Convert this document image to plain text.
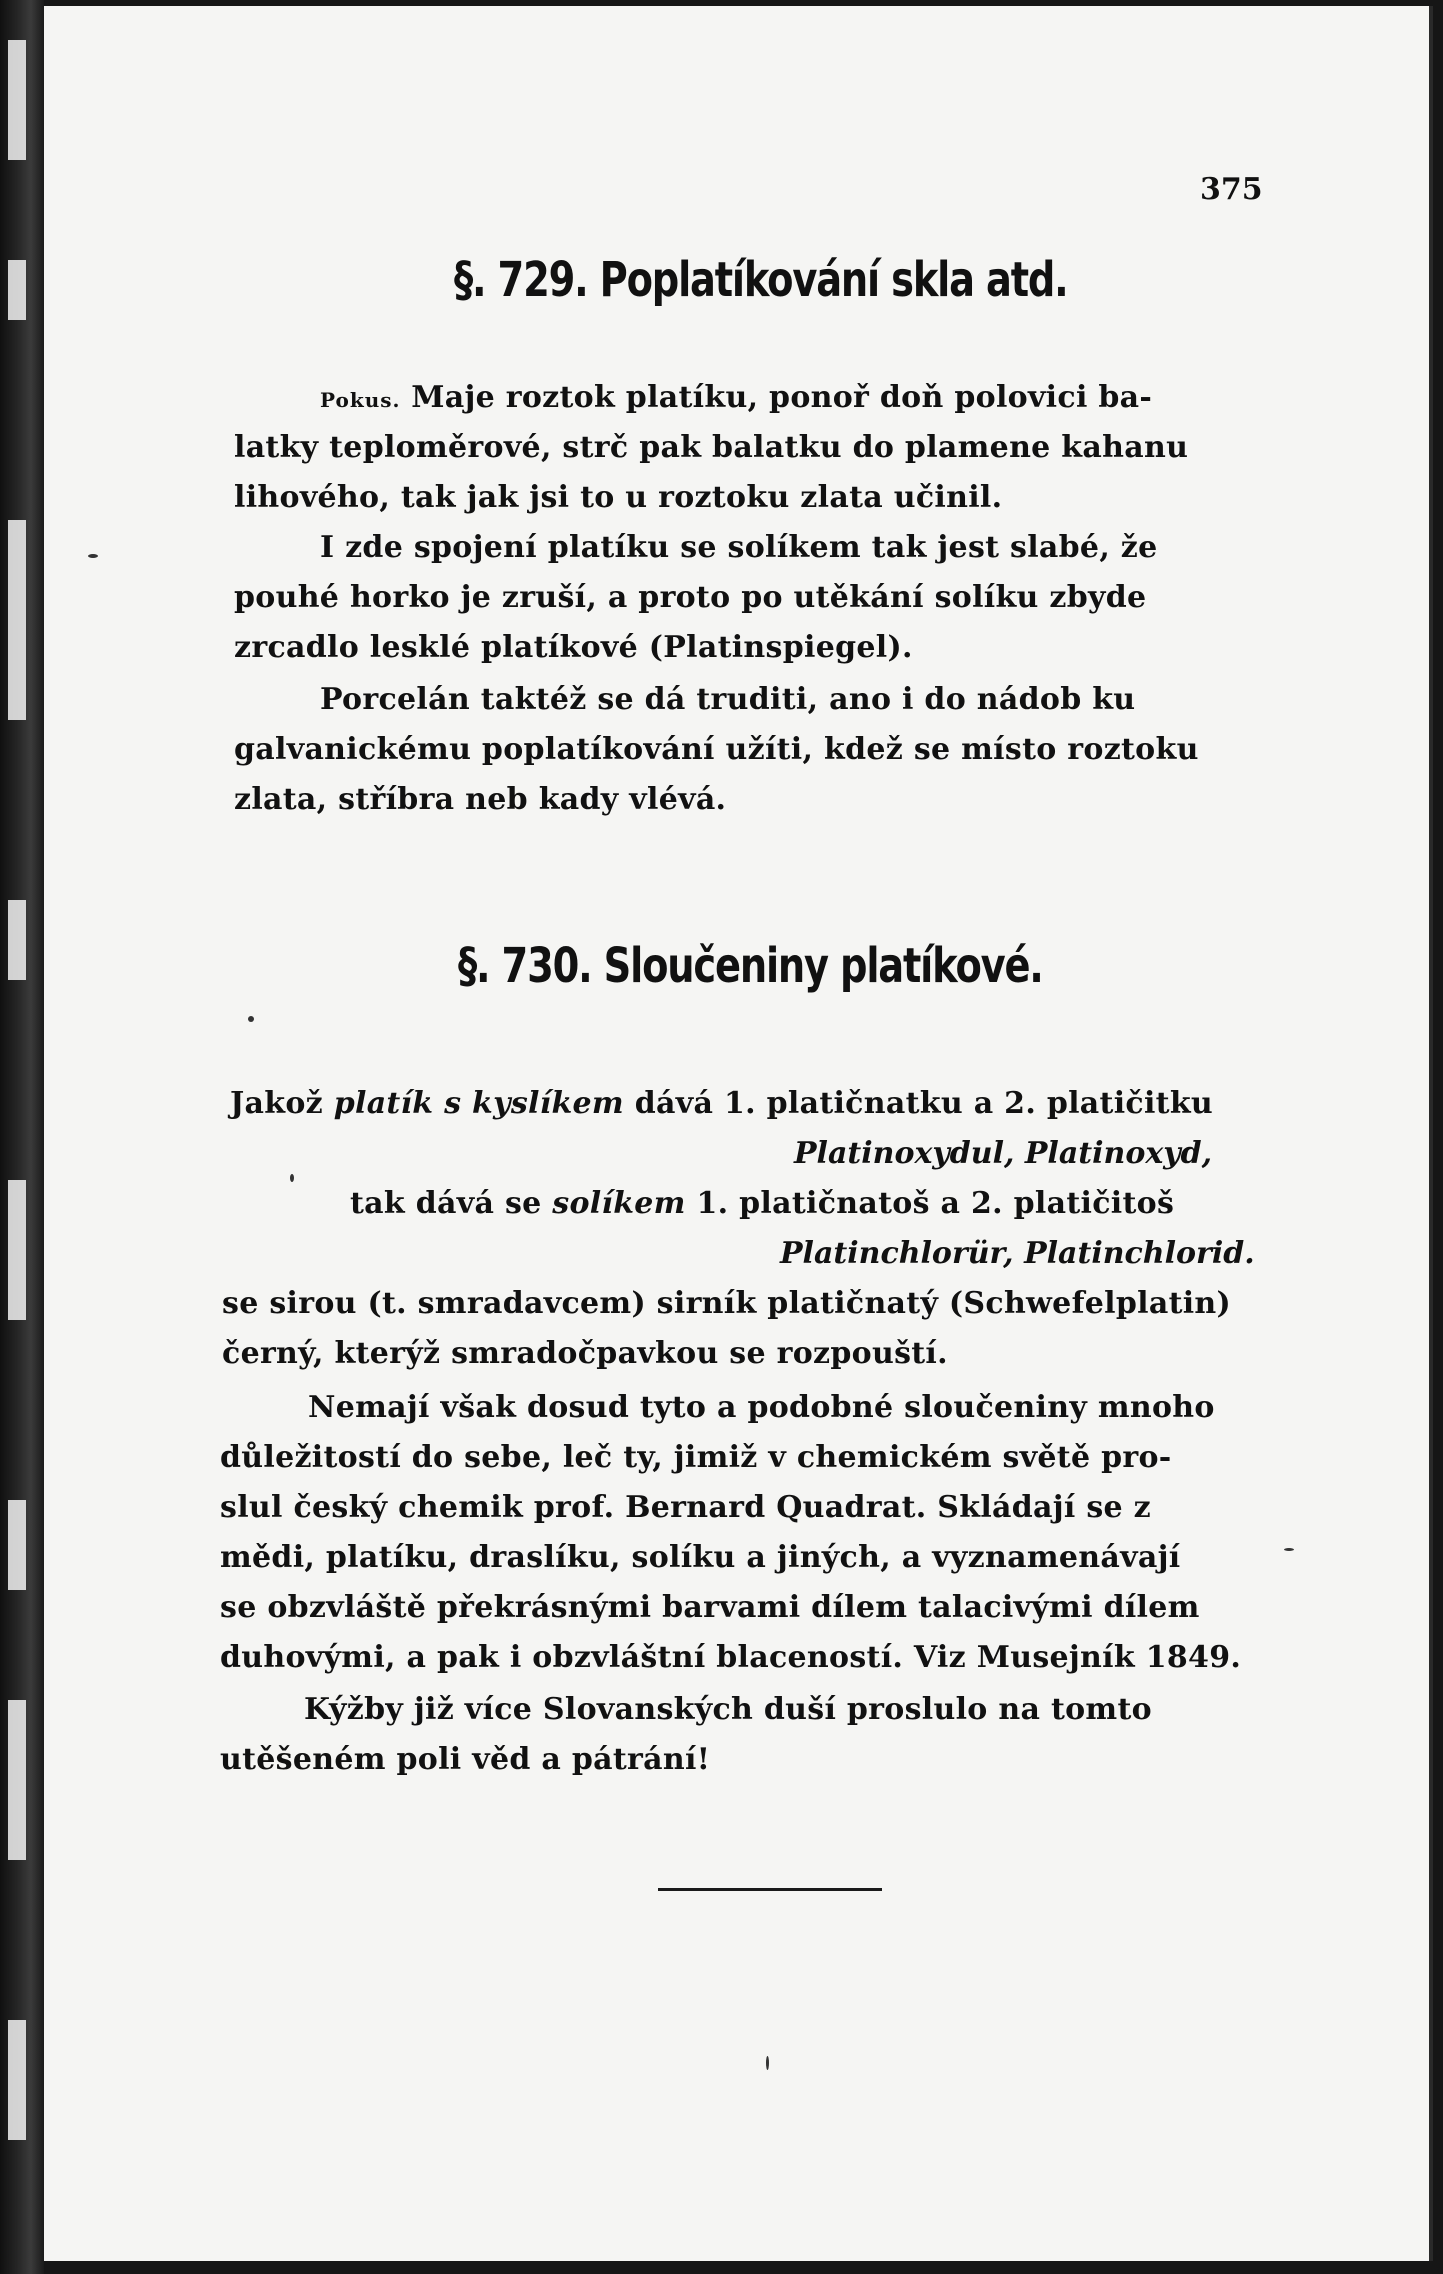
375
§. 729. Poplatíkování skla atd.
Pokus. Maje roztok platíku, ponoř doň polovici ba-
latky teploměrové, strč pak balatku do plamene kahanu
lihového, tak jak jsi to u roztoku zlata učinil.
I zde spojení platíku se solíkem tak jest slabé, že
pouhé horko je zruší, a proto po utěkání solíku zbyde
zrcadlo lesklé platíkové (Platinspiegel).
Porcelán taktéž se dá truditi, ano i do nádob ku
galvanickému poplatíkování užíti, kdež se místo roztoku
zlata, stříbra neb kady vlévá.
§. 730. Sloučeniny platíkové.
Jakož platík s kyslíkem dává 1. platičnatku a 2. platičitku
Platinoxydul, Platinoxyd,
tak dává se solíkem 1. platičnatoš a 2. platičitoš
Platinchlorür, Platinchlorid.
se sirou (t. smradavcem) sirník platičnatý (Schwefelplatin)
černý, kterýž smradočpavkou se rozpouští.
Nemají však dosud tyto a podobné sloučeniny mnoho
důležitostí do sebe, leč ty, jimiž v chemickém světě pro-
slul český chemik prof. Bernard Quadrat. Skládají se z
mědi, platíku, draslíku, solíku a jiných, a vyznamenávají
se obzvláště překrásnými barvami dílem talacivými dílem
duhovými, a pak i obzvláštní blaceností. Viz Musejník 1849.
Kýžby již více Slovanských duší proslulo na tomto
utěšeném poli věd a pátrání!
